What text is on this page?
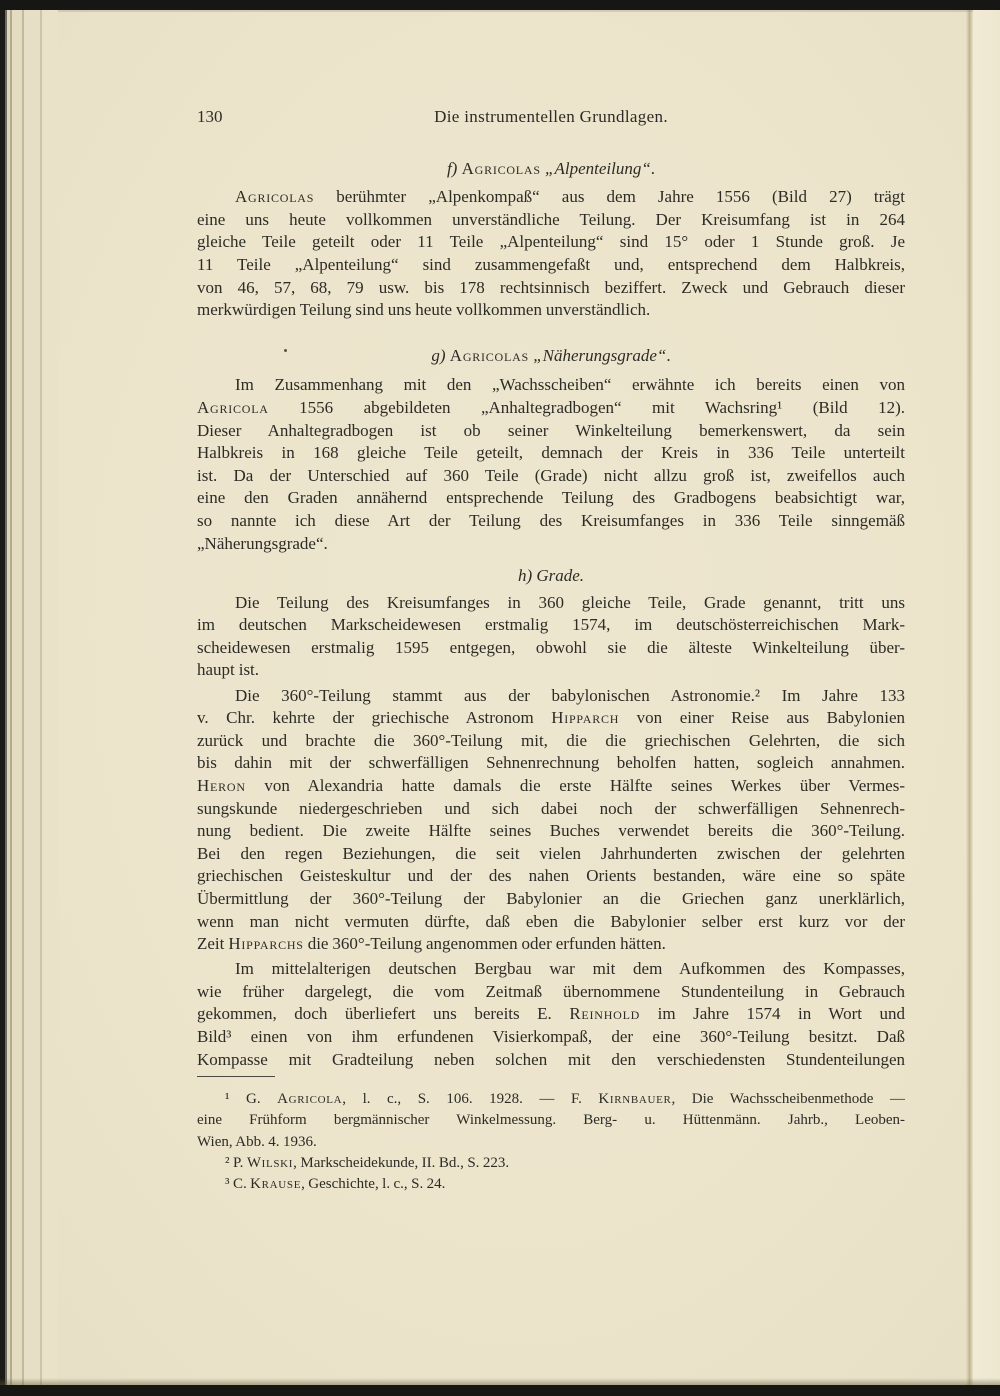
130	Die instrumentellen Grundlagen.
f) Agricolas „Alpenteilung“.
Agricolas berühmter „Alpenkompaß“ aus dem Jahre 1556 (Bild 27) trägt
eine uns heute vollkommen unverständliche Teilung. Der Kreisumfang ist in 264
gleiche Teile geteilt oder 11 Teile „Alpenteilung“ sind 15° oder 1 Stunde groß. Je
11 Teile „Alpenteilung“ sind zusammengefaßt und, entsprechend dem Halbkreis,
von 46, 57, 68, 79 usw. bis 178 rechtsinnisch beziffert. Zweck und Gebrauch dieser
merkwürdigen Teilung sind uns heute vollkommen unverständlich.
g) Agricolas „Näherungsgrade“.
Im Zusammenhang mit den „Wachsscheiben“ erwähnte ich bereits einen von
Agricola 1556 abgebildeten „Anhaltegradbogen“ mit Wachsring¹ (Bild 12).
Dieser Anhaltegradbogen ist ob seiner Winkelteilung bemerkenswert, da sein
Halbkreis in 168 gleiche Teile geteilt, demnach der Kreis in 336 Teile unterteilt
ist. Da der Unterschied auf 360 Teile (Grade) nicht allzu groß ist, zweifellos auch
eine den Graden annähernd entsprechende Teilung des Gradbogens beabsichtigt war,
so nannte ich diese Art der Teilung des Kreisumfanges in 336 Teile sinngemäß
„Näherungsgrade“.
h) Grade.
Die Teilung des Kreisumfanges in 360 gleiche Teile, Grade genannt, tritt uns
im deutschen Markscheidewesen erstmalig 1574, im deutschösterreichischen Mark-
scheidewesen erstmalig 1595 entgegen, obwohl sie die älteste Winkelteilung über-
haupt ist.
Die 360°-Teilung stammt aus der babylonischen Astronomie.² Im Jahre 133
v. Chr. kehrte der griechische Astronom Hipparch von einer Reise aus Babylonien
zurück und brachte die 360°-Teilung mit, die die griechischen Gelehrten, die sich
bis dahin mit der schwerfälligen Sehnenrechnung beholfen hatten, sogleich annahmen.
Heron von Alexandria hatte damals die erste Hälfte seines Werkes über Vermes-
sungskunde niedergeschrieben und sich dabei noch der schwerfälligen Sehnenrech-
nung bedient. Die zweite Hälfte seines Buches verwendet bereits die 360°-Teilung.
Bei den regen Beziehungen, die seit vielen Jahrhunderten zwischen der gelehrten
griechischen Geisteskultur und der des nahen Orients bestanden, wäre eine so späte
Übermittlung der 360°-Teilung der Babylonier an die Griechen ganz unerklärlich,
wenn man nicht vermuten dürfte, daß eben die Babylonier selber erst kurz vor der
Zeit Hipparchs die 360°-Teilung angenommen oder erfunden hätten.
Im mittelalterigen deutschen Bergbau war mit dem Aufkommen des Kompasses,
wie früher dargelegt, die vom Zeitmaß übernommene Stundenteilung in Gebrauch
gekommen, doch überliefert uns bereits E. Reinhold im Jahre 1574 in Wort und
Bild³ einen von ihm erfundenen Visierkompaß, der eine 360°-Teilung besitzt. Daß
Kompasse mit Gradteilung neben solchen mit den verschiedensten Stundenteilungen
¹ G. Agricola, l. c., S. 106. 1928. — F. Kirnbauer, Die Wachsscheibenmethode —
eine Frühform bergmännischer Winkelmessung. Berg- u. Hüttenmänn. Jahrb., Leoben-
Wien, Abb. 4. 1936.
² P. Wilski, Markscheidekunde, II. Bd., S. 223.
³ C. Krause, Geschichte, l. c., S. 24.
